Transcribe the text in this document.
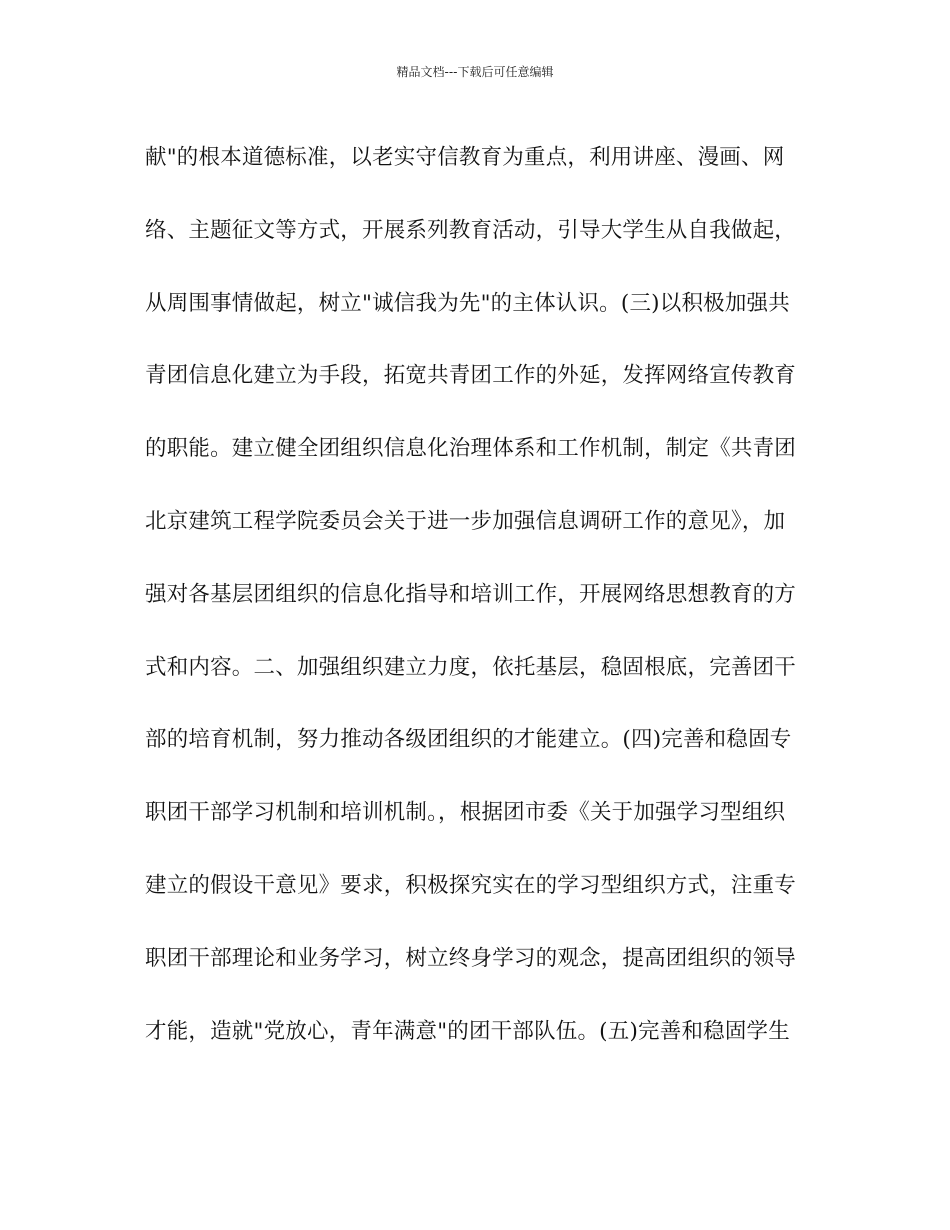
精品文档---下载后可任意编辑
献"的根本道德标准，以老实守信教育为重点，利用讲座、漫画、网
络、主题征文等方式，开展系列教育活动，引导大学生从自我做起，
从周围事情做起，树立"诚信我为先"的主体认识。(三)以积极加强共
青团信息化建立为手段，拓宽共青团工作的外延，发挥网络宣传教育
的职能。建立健全团组织信息化治理体系和工作机制，制定《共青团
北京建筑工程学院委员会关于进一步加强信息调研工作的意见》，加
强对各基层团组织的信息化指导和培训工作，开展网络思想教育的方
式和内容。二、加强组织建立力度，依托基层，稳固根底，完善团干
部的培育机制，努力推动各级团组织的才能建立。(四)完善和稳固专
职团干部学习机制和培训机制。，根据团市委《关于加强学习型组织
建立的假设干意见》要求，积极探究实在的学习型组织方式，注重专
职团干部理论和业务学习，树立终身学习的观念，提高团组织的领导
才能，造就"党放心，青年满意"的团干部队伍。(五)完善和稳固学生
